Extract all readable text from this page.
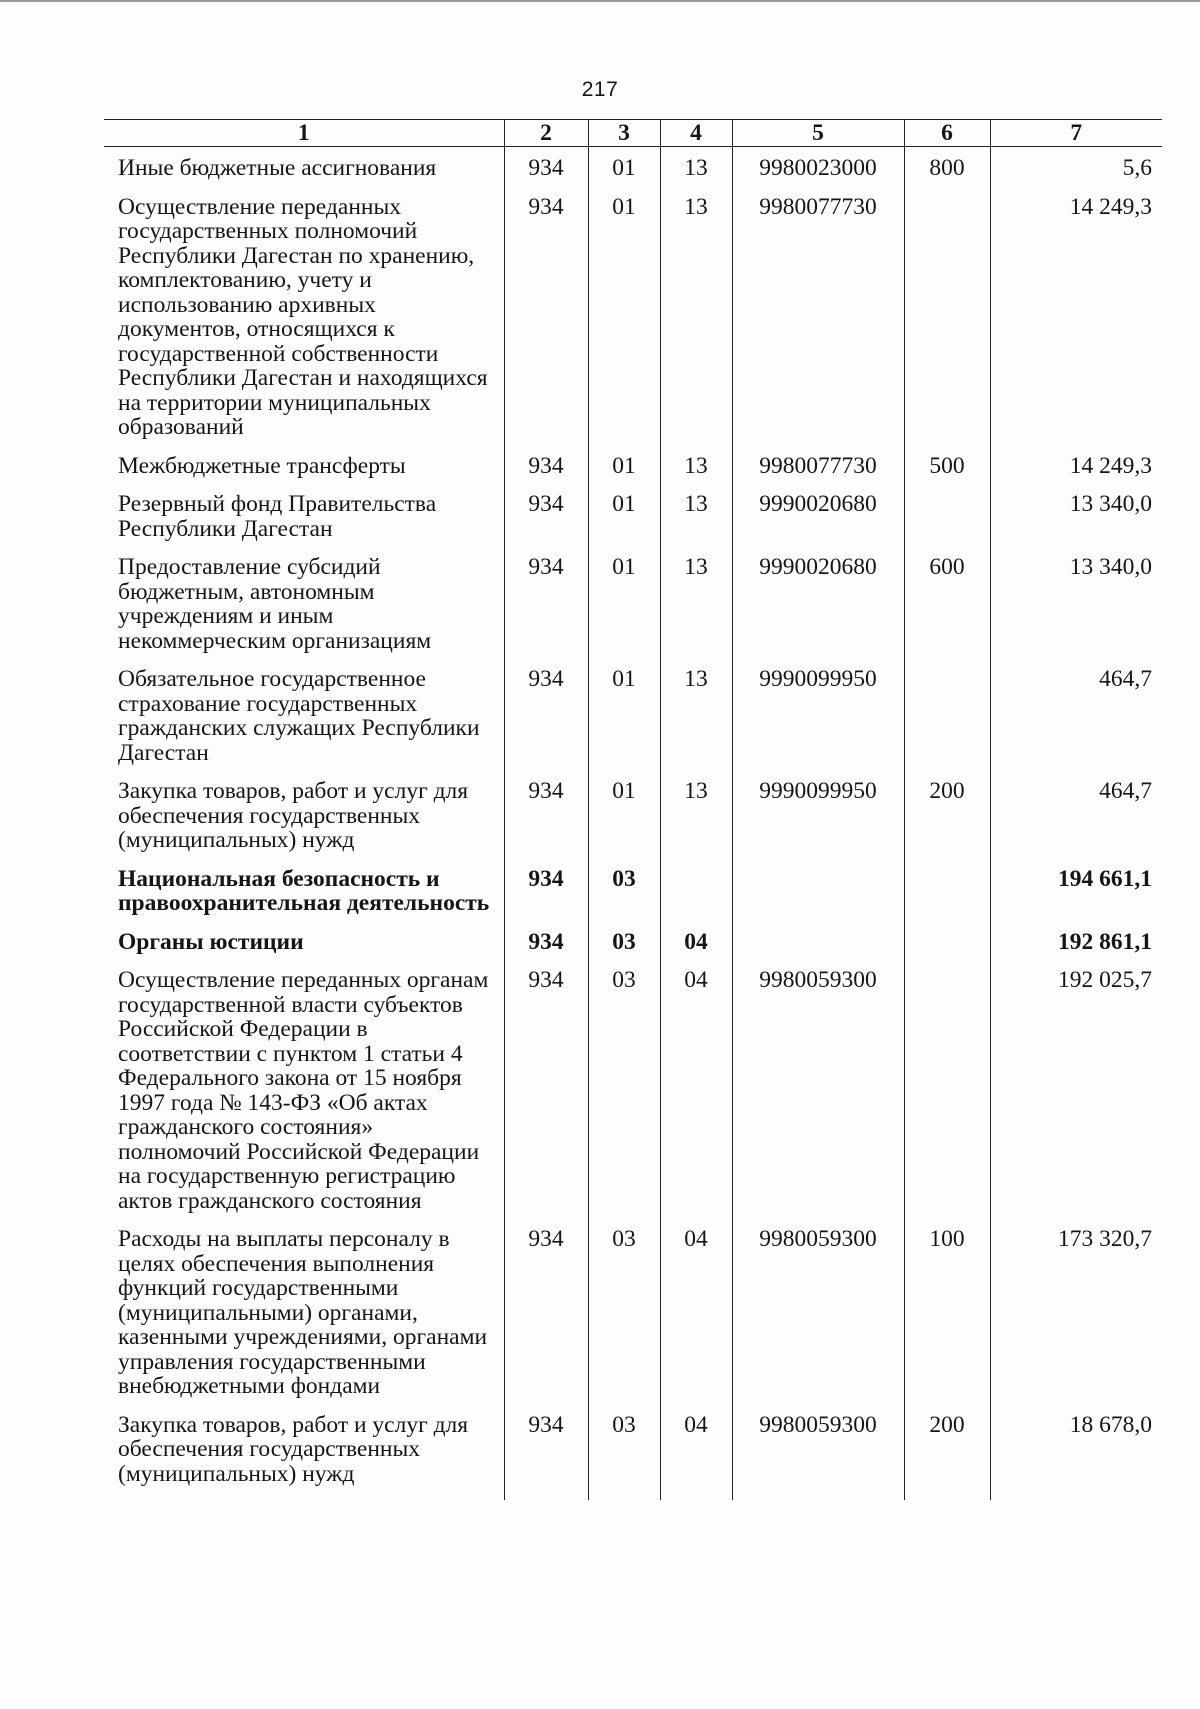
217
1	2	3	4	5	6	7
Иные бюджетные ассигнования	934	01	13	9980023000	800	5,6
Осуществление переданных государственных полномочий Республики Дагестан по хранению, комплектованию, учету и использованию архивных документов, относящихся к государственной собственности Республики Дагестан и находящихся на территории муниципальных образований	934	01	13	9980077730		14 249,3
Межбюджетные трансферты	934	01	13	9980077730	500	14 249,3
Резервный фонд Правительства Республики Дагестан	934	01	13	9990020680		13 340,0
Предоставление субсидий бюджетным, автономным учреждениям и иным некоммерческим организациям	934	01	13	9990020680	600	13 340,0
Обязательное государственное страхование государственных гражданских служащих Республики Дагестан	934	01	13	9990099950		464,7
Закупка товаров, работ и услуг для обеспечения государственных (муниципальных) нужд	934	01	13	9990099950	200	464,7
Национальная безопасность и правоохранительная деятельность	934	03				194 661,1
Органы юстиции	934	03	04			192 861,1
Осуществление переданных органам государственной власти субъектов Российской Федерации в соответствии с пунктом 1 статьи 4 Федерального закона от 15 ноября 1997 года № 143-ФЗ «Об актах гражданского состояния» полномочий Российской Федерации на государственную регистрацию актов гражданского состояния	934	03	04	9980059300		192 025,7
Расходы на выплаты персоналу в целях обеспечения выполнения функций государственными (муниципальными) органами, казенными учреждениями, органами управления государственными внебюджетными фондами	934	03	04	9980059300	100	173 320,7
Закупка товаров, работ и услуг для обеспечения государственных (муниципальных) нужд	934	03	04	9980059300	200	18 678,0
